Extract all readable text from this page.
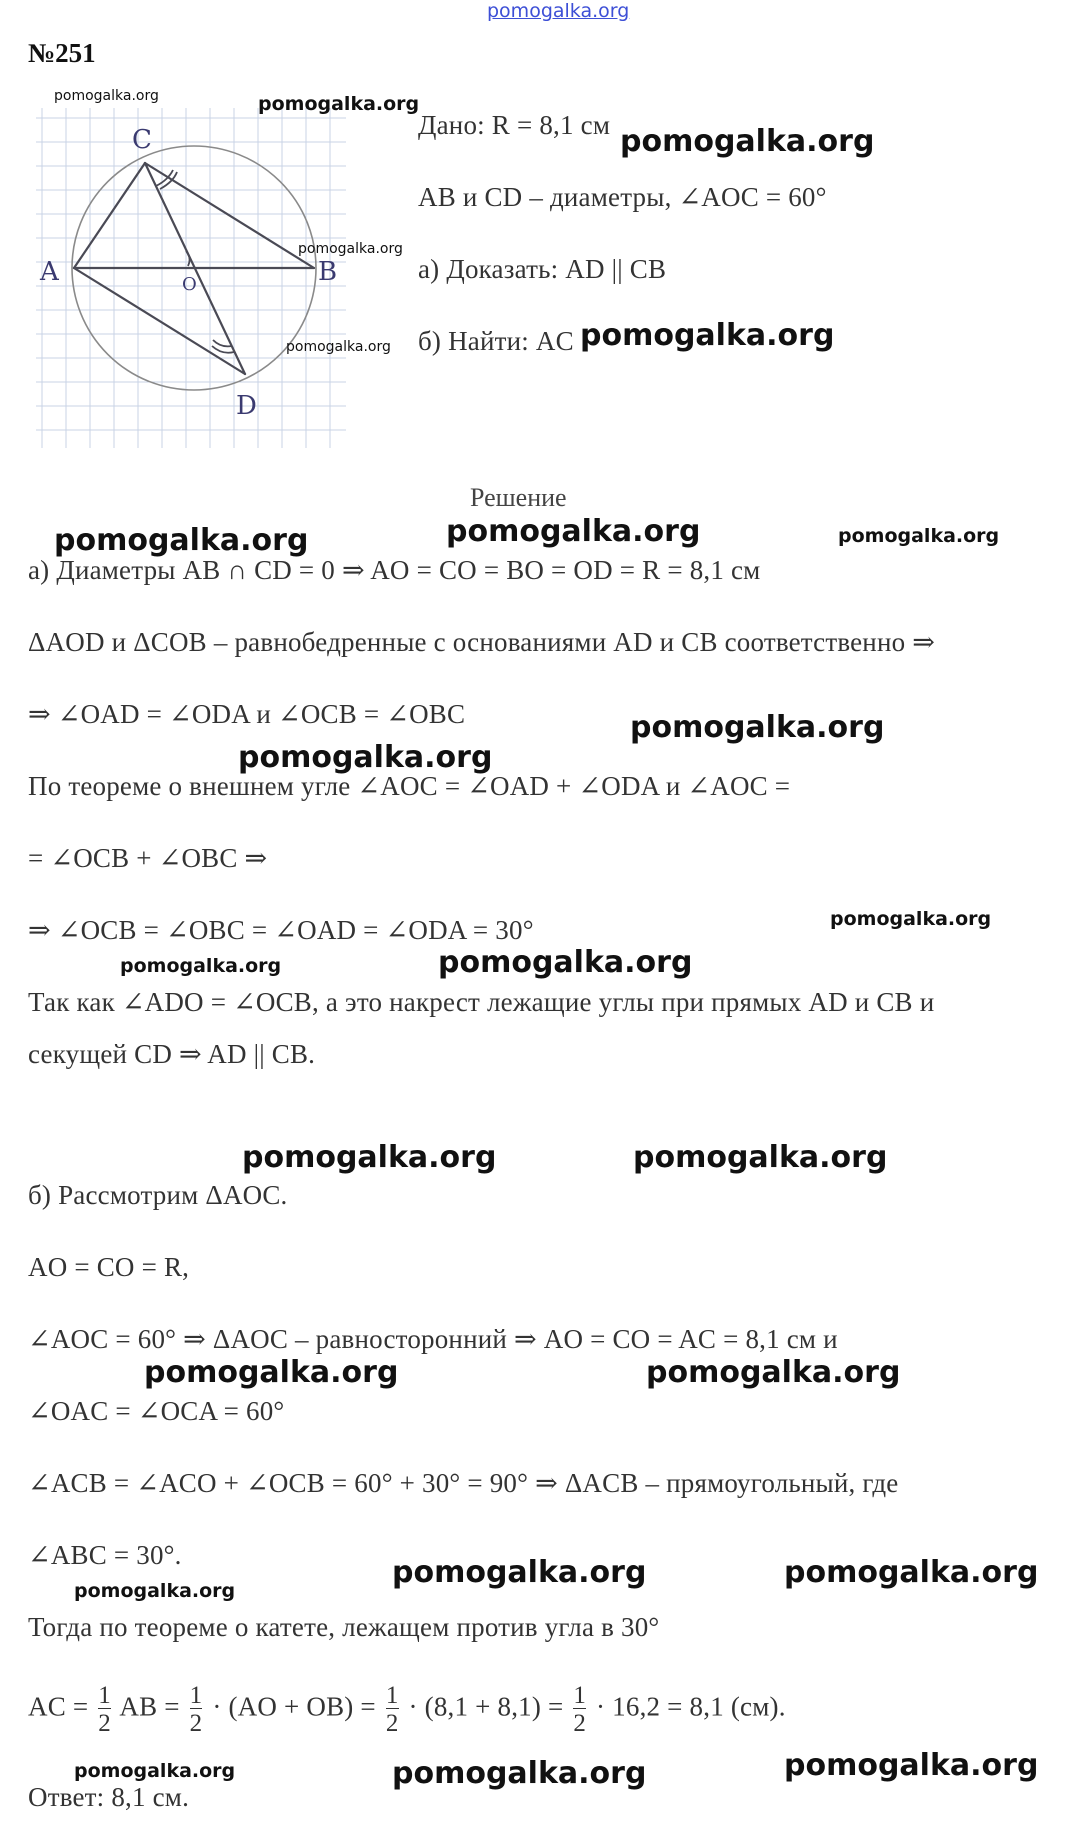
pomogalka.org
№251
C
A	B
D
O
Дано: R = 8,1 см
AB и CD – диаметры, ∠AOC = 60°
а) Доказать: AD || CB
б) Найти: AC
Решение
а) Диаметры AB ∩ CD = 0 ⇒ AO = CO = BO = OD = R = 8,1 см
ΔAOD и ΔCOB – равнобедренные с основаниями AD и CB соответственно ⇒
⇒ ∠OAD = ∠ODA и ∠OCB = ∠OBC
По теореме о внешнем угле ∠AOC = ∠OAD + ∠ODA и ∠AOC =
= ∠OCB + ∠OBC ⇒
⇒ ∠OCB = ∠OBC = ∠OAD = ∠ODA = 30°
Так как ∠ADO = ∠OCB, а это накрест лежащие углы при прямых AD и CB и
секущей CD ⇒ AD || CB.
б) Рассмотрим ΔAOC.
AO = CO = R,
∠AOC = 60° ⇒ ΔAOC – равносторонний ⇒ AO = CO = AC = 8,1 см и
∠OAC = ∠OCA = 60°
∠ACB = ∠ACO + ∠OCB = 60° + 30° = 90° ⇒ ΔACB – прямоугольный, где
∠ABC = 30°.
Тогда по теореме о катете, лежащем против угла в 30°
AC = $\frac{1}{2}$ AB = $\frac{1}{2} \cdot (AO + OB) = \frac{1}{2} \cdot (8,1 + 8,1) = \frac{1}{2} \cdot 16,2 = 8,1$ (см).
Ответ: 8,1 см.
pomogalka.org	pomogalka.org
pomogalka.org
pomogalka.org
pomogalka.org	pomogalka.org
pomogalka.org
pomogalka.org	pomogalka.org
pomogalka.org
pomogalka.org
pomogalka.org
pomogalka.org	pomogalka.org
pomogalka.org	pomogalka.org
pomogalka.org	pomogalka.org
pomogalka.org
pomogalka.org	pomogalka.org
pomogalka.org	pomogalka.org	pomogalka.org
